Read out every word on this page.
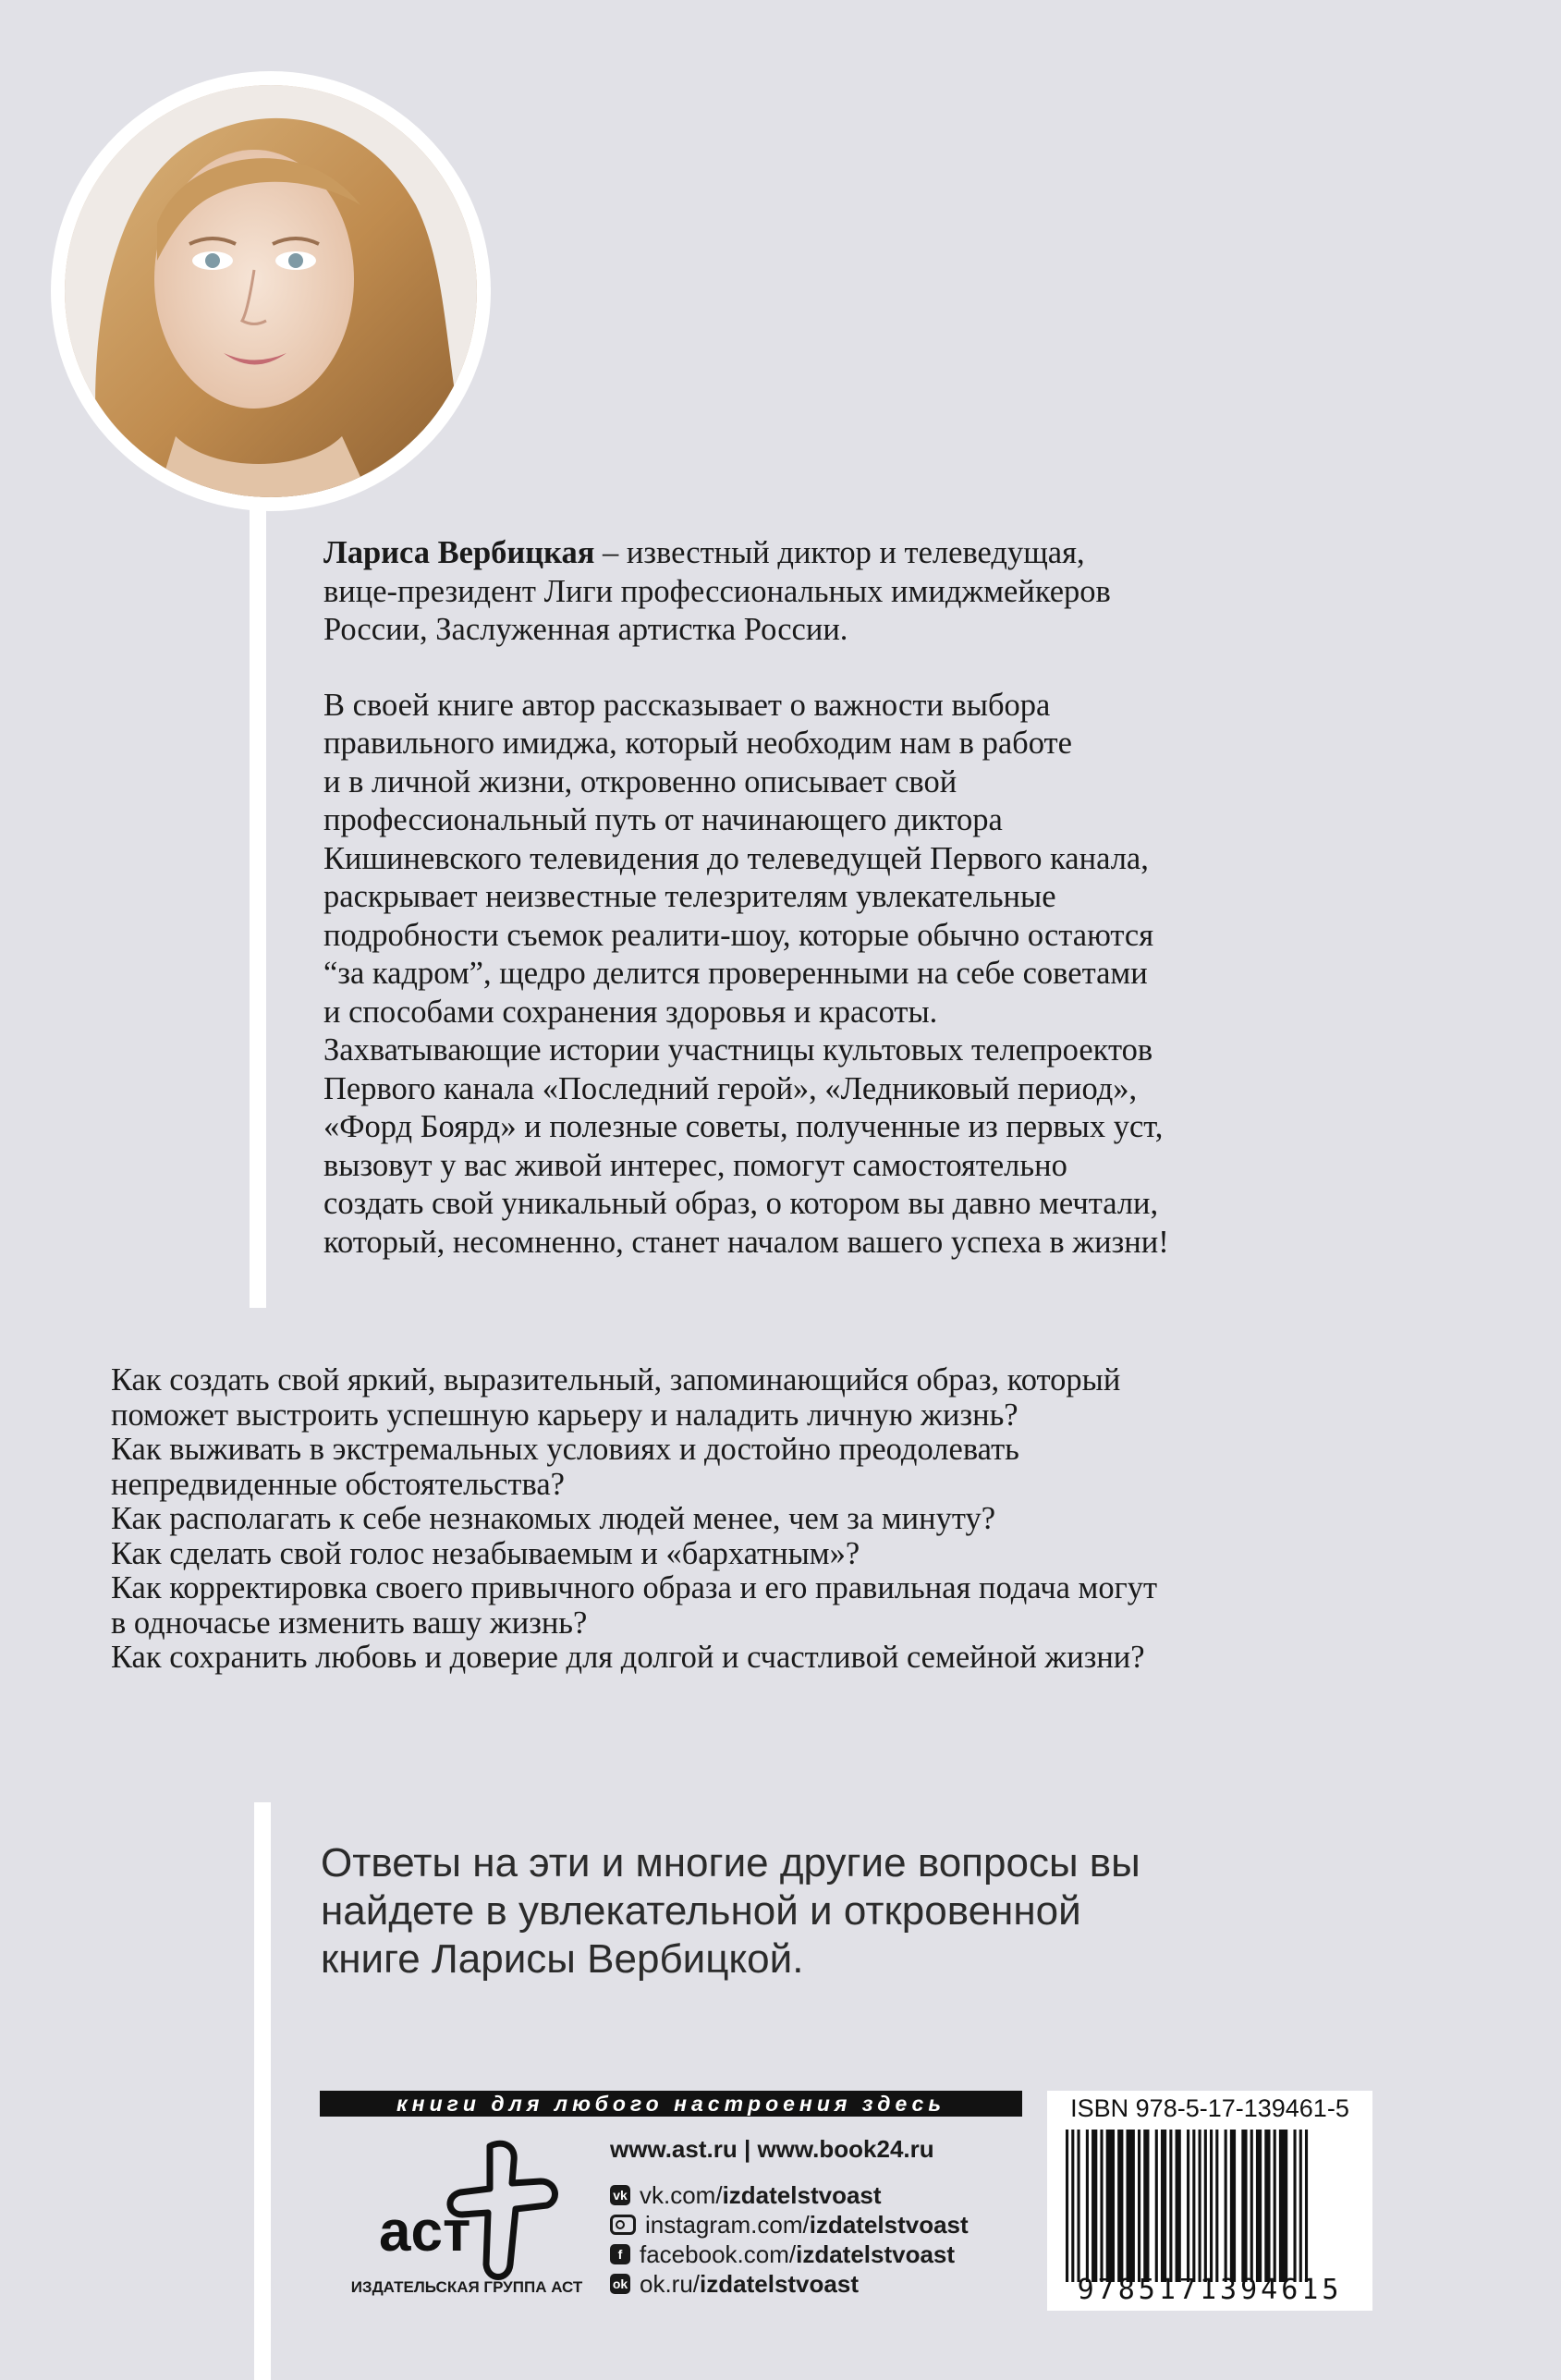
Лариса Вербицкая – известный диктор и телеведущая,
вице-президент Лиги профессиональных имиджмейкеров
России, Заслуженная артистка России.

В своей книге автор рассказывает о важности выбора
правильного имиджа, который необходим нам в работе
и в личной жизни, откровенно описывает свой
профессиональный путь от начинающего диктора
Кишиневского телевидения до телеведущей Первого канала,
раскрывает неизвестные телезрителям увлекательные
подробности съемок реалити-шоу, которые обычно остаются
“за кадром”, щедро делится проверенными на себе советами
и способами сохранения здоровья и красоты.
Захватывающие истории участницы культовых телепроектов
Первого канала «Последний герой», «Ледниковый период»,
«Форд Боярд» и полезные советы, полученные из первых уст,
вызовут у вас живой интерес, помогут самостоятельно
создать свой уникальный образ, о котором вы давно мечтали,
который, несомненно, станет началом вашего успеха в жизни!

Как создать свой яркий, выразительный, запоминающийся образ, который
поможет выстроить успешную карьеру и наладить личную жизнь?
Как выживать в экстремальных условиях и достойно преодолевать
непредвиденные обстоятельства?
Как располагать к себе незнакомых людей менее, чем за минуту?
Как сделать свой голос незабываемым и «бархатным»?
Как корректировка своего привычного образа и его правильная подача могут
в одночасье изменить вашу жизнь?
Как сохранить любовь и доверие для долгой и счастливой семейной жизни?
Ответы на эти и многие другие вопросы вы
найдете в увлекательной и откровенной
книге Ларисы Вербицкой.
книги для любого настроения здесь
аст
ИЗДАТЕЛЬСКАЯ ГРУППА АСТ
www.ast.ru | www.book24.ru
vk vk.com/ izdatelstvoast
instagram.com/ izdatelstvoast
f facebook.com/ izdatelstvoast
ok ok.ru/ izdatelstvoast
ISBN 978-5-17-139461-5
9785171394615
